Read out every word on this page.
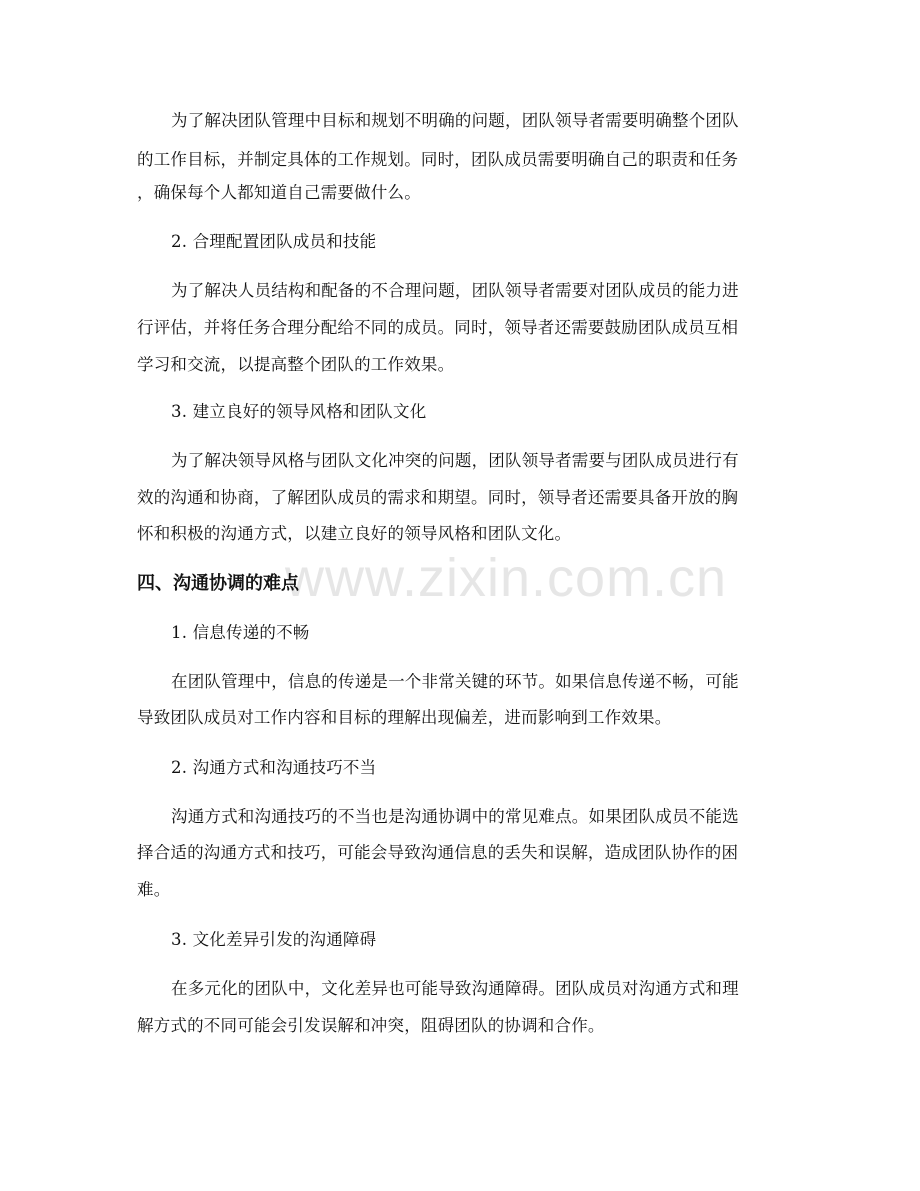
www.zixin.com.cn
为了解决团队管理中目标和规划不明确的问题，团队领导者需要明确整个团队
的工作目标，并制定具体的工作规划。同时，团队成员需要明确自己的职责和任务
，确保每个人都知道自己需要做什么。
2. 合理配置团队成员和技能
为了解决人员结构和配备的不合理问题，团队领导者需要对团队成员的能力进
行评估，并将任务合理分配给不同的成员。同时，领导者还需要鼓励团队成员互相
学习和交流，以提高整个团队的工作效果。
3. 建立良好的领导风格和团队文化
为了解决领导风格与团队文化冲突的问题，团队领导者需要与团队成员进行有
效的沟通和协商，了解团队成员的需求和期望。同时，领导者还需要具备开放的胸
怀和积极的沟通方式，以建立良好的领导风格和团队文化。
四、沟通协调的难点
1. 信息传递的不畅
在团队管理中，信息的传递是一个非常关键的环节。如果信息传递不畅，可能
导致团队成员对工作内容和目标的理解出现偏差，进而影响到工作效果。
2. 沟通方式和沟通技巧不当
沟通方式和沟通技巧的不当也是沟通协调中的常见难点。如果团队成员不能选
择合适的沟通方式和技巧，可能会导致沟通信息的丢失和误解，造成团队协作的困
难。
3. 文化差异引发的沟通障碍
在多元化的团队中，文化差异也可能导致沟通障碍。团队成员对沟通方式和理
解方式的不同可能会引发误解和冲突，阻碍团队的协调和合作。
